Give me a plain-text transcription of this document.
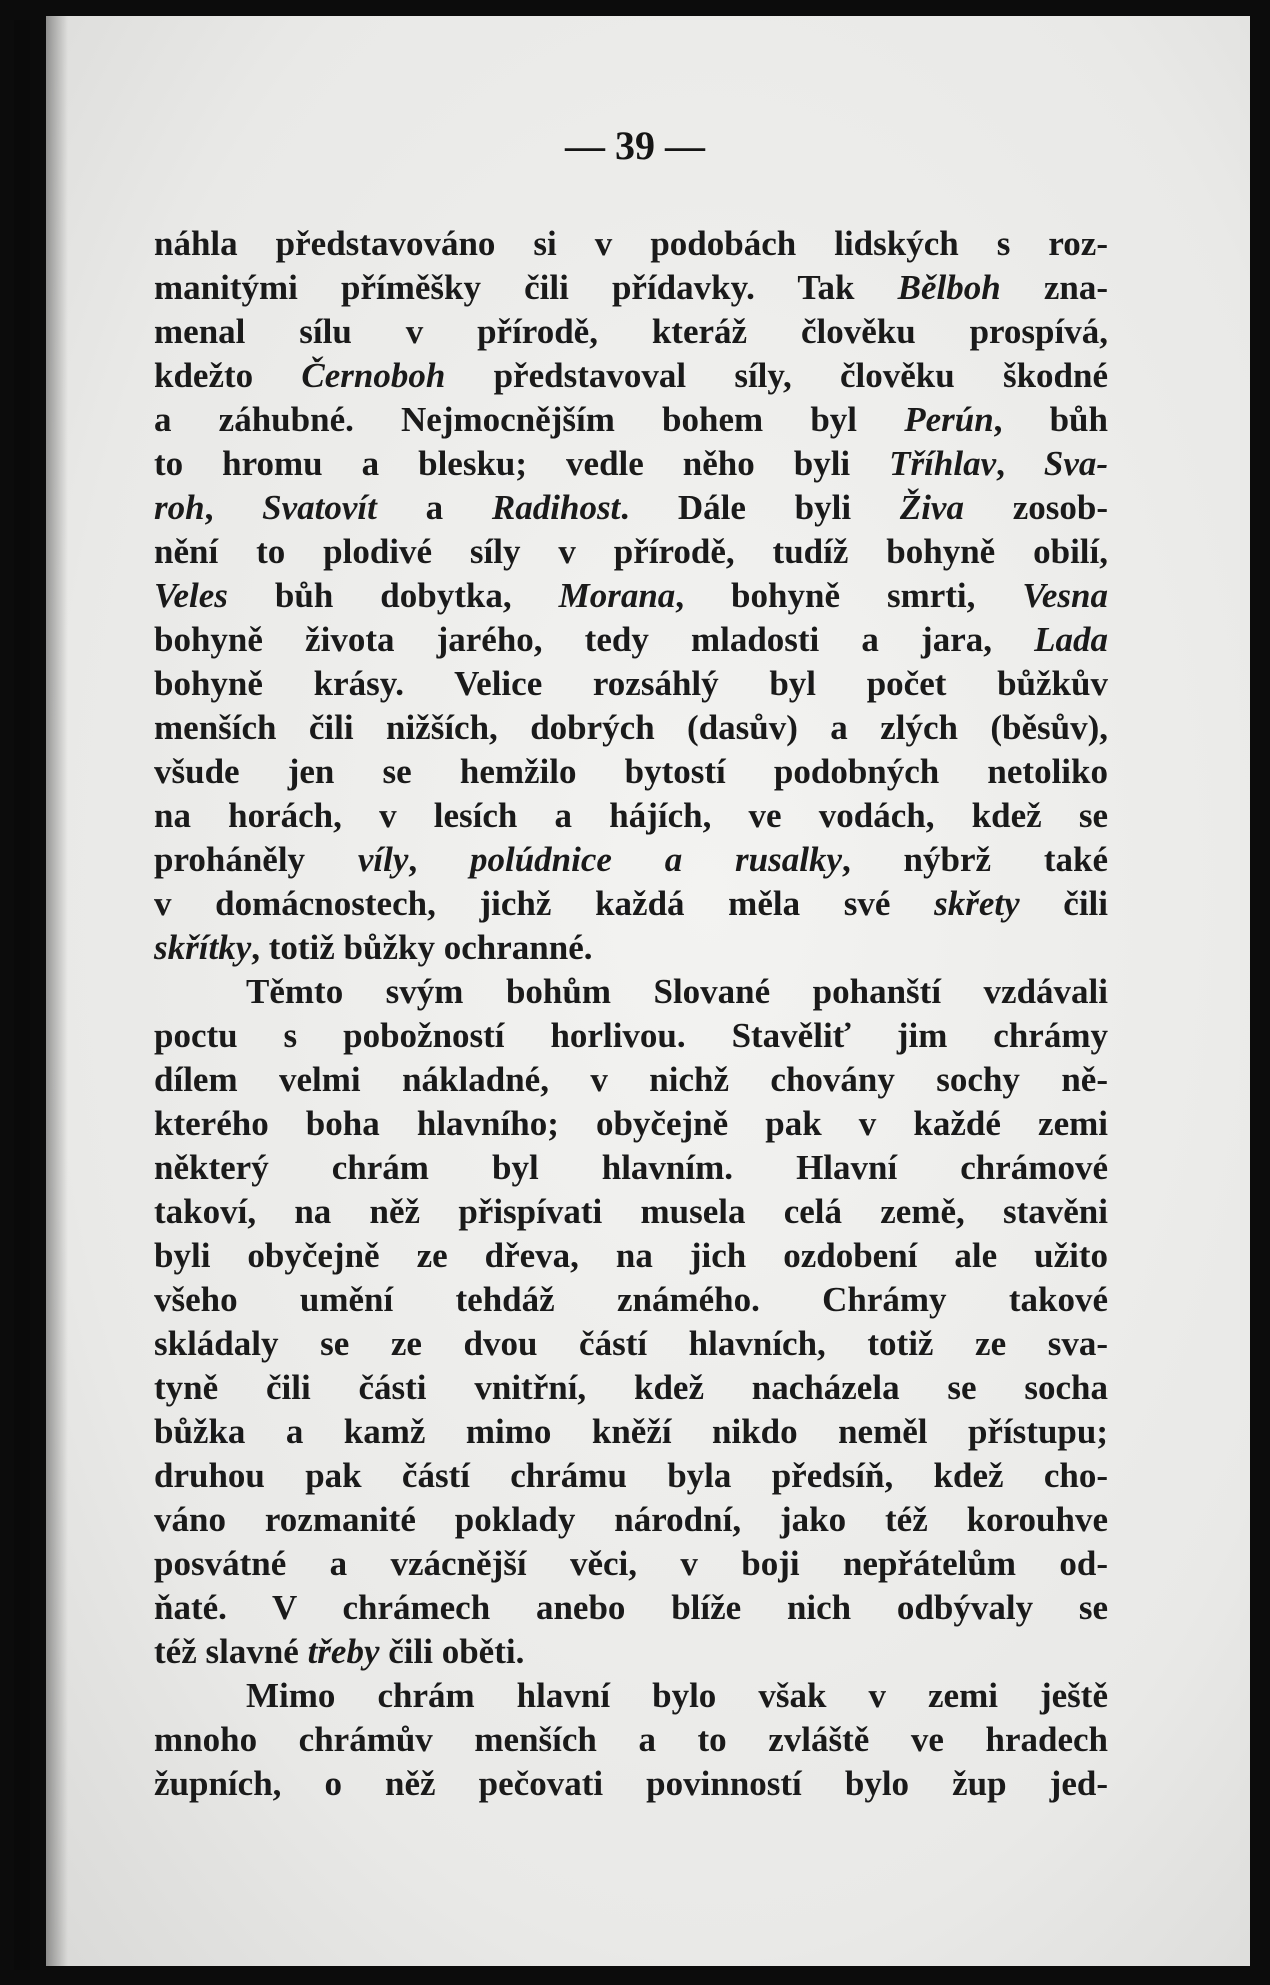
— 39 —

náhla představováno si v podobách lidských s roz-
manitými příměšky čili přídavky. Tak Bělboh zna-
menal sílu v přírodě, kteráž člověku prospívá,
kdežto Černoboh představoval síly, člověku škodné
a záhubné. Nejmocnějším bohem byl Perún, bůh
to hromu a blesku; vedle něho byli Tříhlav, Sva-
roh, Svatovít a Radihost. Dále byli Živa zosob-
nění to plodivé síly v přírodě, tudíž bohyně obilí,
Veles bůh dobytka, Morana, bohyně smrti, Vesna
bohyně života jarého, tedy mladosti a jara, Lada
bohyně krásy. Velice rozsáhlý byl počet bůžkův
menších čili nižších, dobrých (dasův) a zlých (běsův),
všude jen se hemžilo bytostí podobných netoliko
na horách, v lesích a hájích, ve vodách, kdež se
proháněly víly, polúdnice a rusalky, nýbrž také
v domácnostech, jichž každá měla své skřety čili
skřítky, totiž bůžky ochranné.
Těmto svým bohům Slované pohanští vzdávali
poctu s pobožností horlivou. Stavěliť jim chrámy
dílem velmi nákladné, v nichž chovány sochy ně-
kterého boha hlavního; obyčejně pak v každé zemi
některý chrám byl hlavním. Hlavní chrámové
takoví, na něž přispívati musela celá země, stavěni
byli obyčejně ze dřeva, na jich ozdobení ale užito
všeho umění tehdáž známého. Chrámy takové
skládaly se ze dvou částí hlavních, totiž ze sva-
tyně čili části vnitřní, kdež nacházela se socha
bůžka a kamž mimo kněží nikdo neměl přístupu;
druhou pak částí chrámu byla předsíň, kdež cho-
váno rozmanité poklady národní, jako též korouhve
posvátné a vzácnější věci, v boji nepřátelům od-
ňaté. V chrámech anebo blíže nich odbývaly se
též slavné třeby čili oběti.
Mimo chrám hlavní bylo však v zemi ještě
mnoho chrámův menších a to zvláště ve hradech
župních, o něž pečovati povinností bylo žup jed-
